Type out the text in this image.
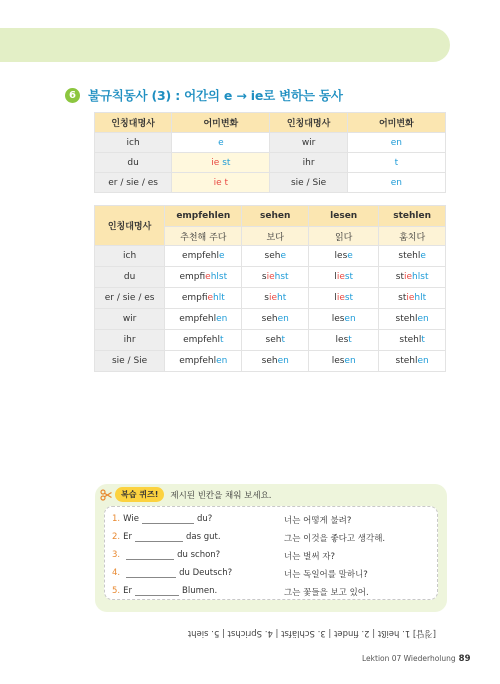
6 불규칙동사 (3) : 어간의 e → ie로 변하는 동사
인칭대명사	어미변화	인칭대명사	어미변화
ich	e	wir	en
du	ie st	ihr	t
er / sie / es	ie t	sie / Sie	en
인칭대명사	empfehlen	sehen	lesen	stehlen
	추천해 주다	보다	읽다	훔치다
ich	empfehle	sehe	lese	stehle
du	empfiehlst	siehst	liest	stiehlst
er / sie / es	empfiehlt	sieht	liest	stiehlt
wir	empfehlen	sehen	lesen	stehlen
ihr	empfehlt	seht	lest	stehlt
sie / Sie	empfehlen	sehen	lesen	stehlen
복습 퀴즈!	제시된 빈칸을 채워 보세요.
1. Wie	du?	너는 어떻게 불려?
2. Er	das gut.	그는 이것을 좋다고 생각해.
3.	du schon?	너는 벌써 자?
4.	du Deutsch?	너는 독일어를 말하니?
5. Er	Blumen.	그는 꽃들을 보고 있어.
[정답] 1. heißt | 2. findet | 3. Schläfst | 4. Sprichst | 5. sieht
Lektion 07 Wiederholung 89
